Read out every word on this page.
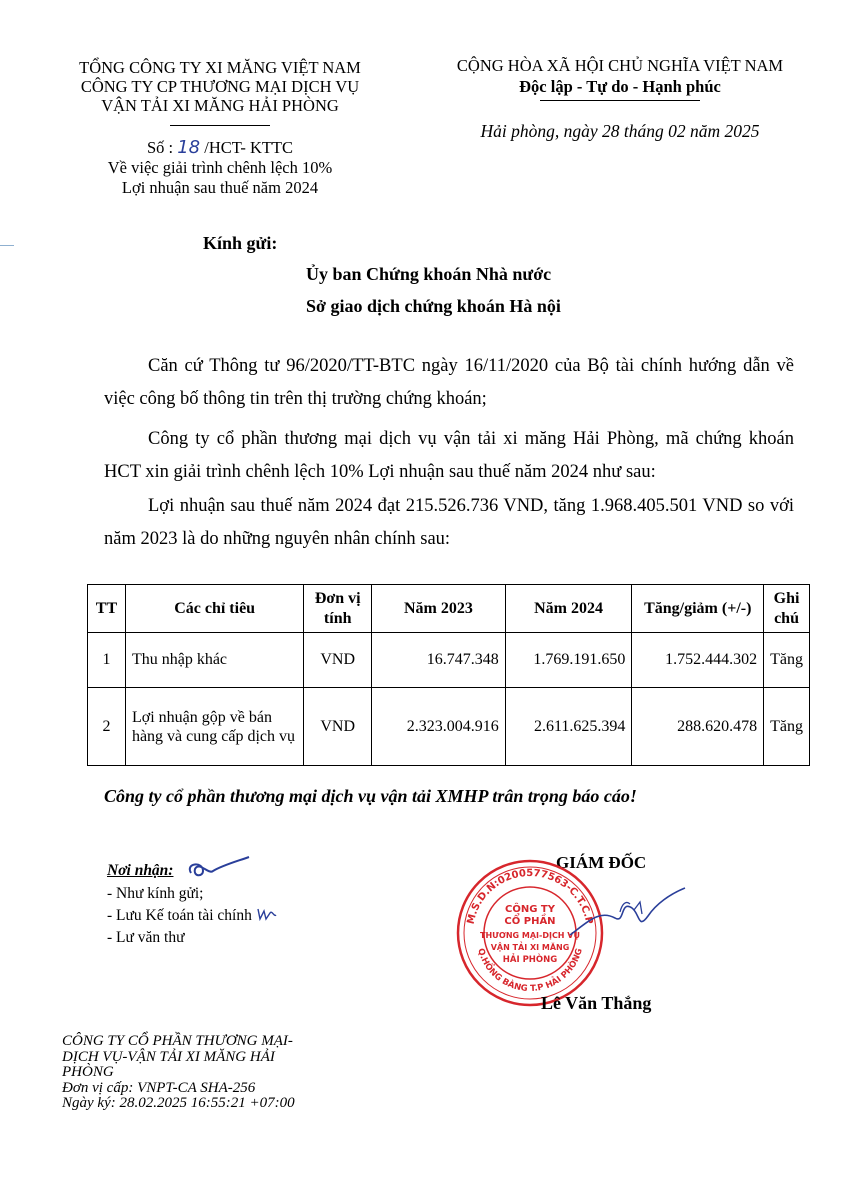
TỔNG CÔNG TY XI MĂNG VIỆT NAM
CÔNG TY CP THƯƠNG MẠI DỊCH VỤ
VẬN TẢI XI MĂNG HẢI PHÒNG
CỘNG HÒA XÃ HỘI CHỦ NGHĨA VIỆT NAM
Độc lập - Tự do - Hạnh phúc
Số : 18 /HCT- KTTC
Về việc giải trình chênh lệch 10%
Lợi nhuận sau thuế năm 2024
Hải phòng, ngày 28 tháng 02 năm 2025
Kính gửi:
Ủy ban Chứng khoán Nhà nước
Sở giao dịch chứng khoán Hà nội
Căn cứ Thông tư 96/2020/TT-BTC ngày 16/11/2020 của Bộ tài chính hướng dẫn về việc công bố thông tin trên thị trường chứng khoán;
Công ty cổ phần thương mại dịch vụ vận tải xi măng Hải Phòng, mã chứng khoán HCT xin giải trình chênh lệch 10% Lợi nhuận sau thuế năm 2024 như sau:
Lợi nhuận sau thuế năm 2024 đạt 215.526.736 VND, tăng 1.968.405.501 VND so với năm 2023 là do những nguyên nhân chính sau:
TT	Các chỉ tiêu	Đơn vị tính	Năm 2023	Năm 2024	Tăng/giảm (+/-)	Ghi chú
1	Thu nhập khác	VND	16.747.348	1.769.191.650	1.752.444.302	Tăng
2	Lợi nhuận gộp về bán hàng và cung cấp dịch vụ	VND	2.323.004.916	2.611.625.394	288.620.478	Tăng
Công ty cổ phần thương mại dịch vụ vận tải XMHP trân trọng báo cáo!
Nơi nhận:
- Như kính gửi;
- Lưu Kế toán tài chính
- Lư văn thư
GIÁM ĐỐC
M.S.D.N:0200577563-C.T.C.P
Q.HỒNG BÀNG T.P HẢI PHÒNG
CÔNG TY
CỔ PHẦN
THƯƠNG MẠI-DỊCH VỤ
VẬN TẢI XI MĂNG
HẢI PHÒNG
Lê Văn Thắng
CÔNG TY CỔ PHẦN THƯƠNG MẠI-
DỊCH VỤ-VẬN TẢI XI MĂNG HẢI
PHÒNG
Đơn vị cấp: VNPT-CA SHA-256
Ngày ký: 28.02.2025 16:55:21 +07:00
